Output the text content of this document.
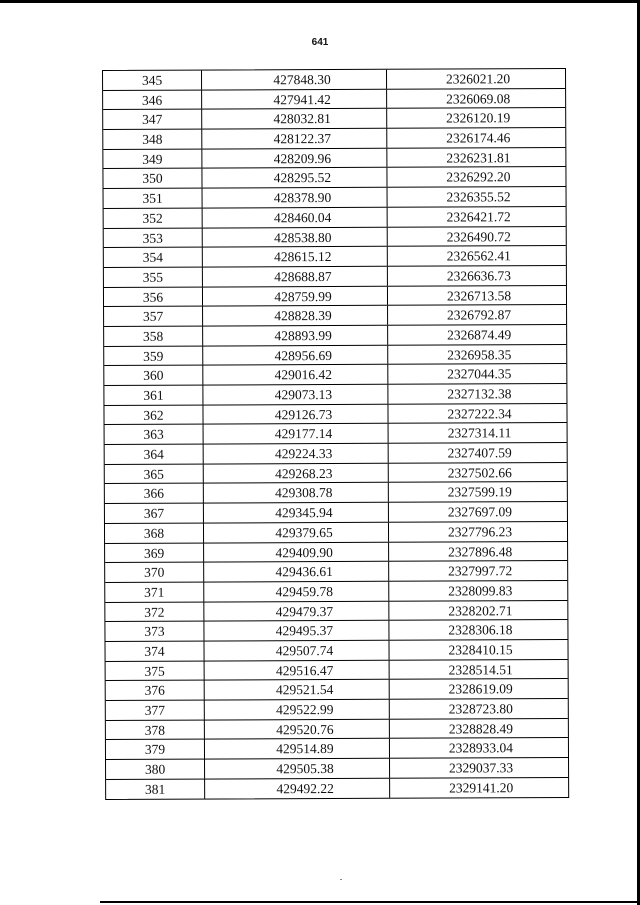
641
345	427848.30	2326021.20
346	427941.42	2326069.08
347	428032.81	2326120.19
348	428122.37	2326174.46
349	428209.96	2326231.81
350	428295.52	2326292.20
351	428378.90	2326355.52
352	428460.04	2326421.72
353	428538.80	2326490.72
354	428615.12	2326562.41
355	428688.87	2326636.73
356	428759.99	2326713.58
357	428828.39	2326792.87
358	428893.99	2326874.49
359	428956.69	2326958.35
360	429016.42	2327044.35
361	429073.13	2327132.38
362	429126.73	2327222.34
363	429177.14	2327314.11
364	429224.33	2327407.59
365	429268.23	2327502.66
366	429308.78	2327599.19
367	429345.94	2327697.09
368	429379.65	2327796.23
369	429409.90	2327896.48
370	429436.61	2327997.72
371	429459.78	2328099.83
372	429479.37	2328202.71
373	429495.37	2328306.18
374	429507.74	2328410.15
375	429516.47	2328514.51
376	429521.54	2328619.09
377	429522.99	2328723.80
378	429520.76	2328828.49
379	429514.89	2328933.04
380	429505.38	2329037.33
381	429492.22	2329141.20
